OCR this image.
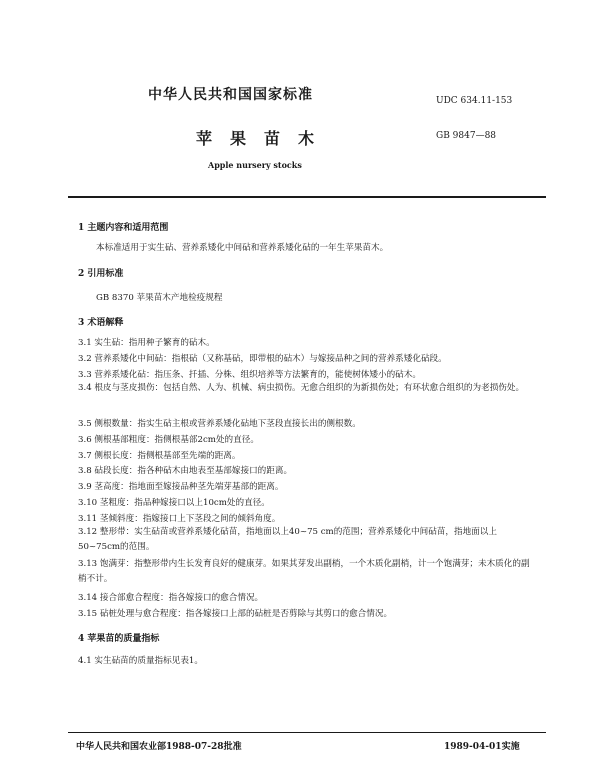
中华人民共和国国家标准	UDC 634.11-153
苹果苗木	GB 9847—88
Apple nursery stocks
1 主题内容和适用范围
本标准适用于实生砧、营养系矮化中间砧和营养系矮化砧的一年生苹果苗木。
2 引用标准
GB 8370 苹果苗木产地检疫规程
3 术语解释
3.1 实生砧：指用种子繁育的砧木。
3.2 营养系矮化中间砧：指根砧（又称基砧，即带根的砧木）与嫁接品种之间的营养系矮化砧段。
3.3 营养系矮化砧：指压条、扦插、分株、组织培养等方法繁育的，能使树体矮小的砧木。
3.4 根皮与茎皮损伤：包括自然、人为、机械、病虫损伤。无愈合组织的为新损伤处；有环状愈合组织的为老损伤处。
3.5 侧根数量：指实生砧主根或营养系矮化砧地下茎段直接长出的侧根数。
3.6 侧根基部粗度：指侧根基部2cm处的直径。
3.7 侧根长度：指侧根基部至先端的距离。
3.8 砧段长度：指各种砧木由地表至基部嫁接口的距离。
3.9 茎高度：指地面至嫁接品种茎先端芽基部的距离。
3.10 茎粗度：指品种嫁接口以上10cm处的直径。
3.11 茎倾斜度：指嫁接口上下茎段之间的倾斜角度。
3.12 整形带：实生砧苗或营养系矮化砧苗，指地面以上40~75 cm的范围；营养系矮化中间砧苗，指地面以上50~75cm的范围。
3.13 饱满芽：指整形带内生长发育良好的健康芽。如果其芽发出副梢，一个木质化副梢，计一个饱满芽；未木质化的副梢不计。
3.14 接合部愈合程度：指各嫁接口的愈合情况。
3.15 砧桩处理与愈合程度：指各嫁接口上部的砧桩是否剪除与其剪口的愈合情况。
4 苹果苗的质量指标
4.1 实生砧苗的质量指标见表1。
中华人民共和国农业部1988-07-28批准	1989-04-01实施
